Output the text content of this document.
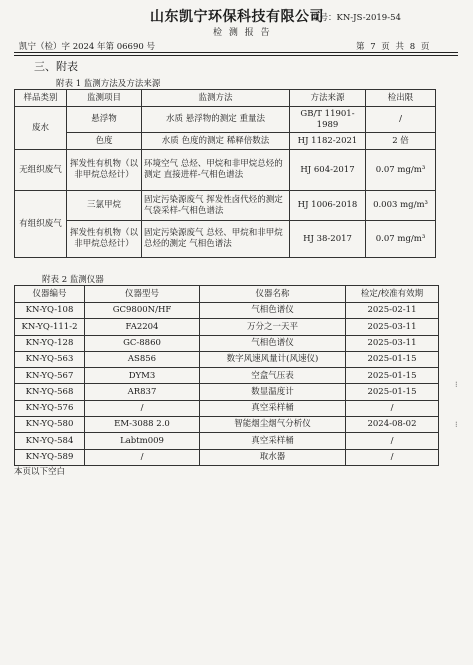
山东凯宁环保科技有限公司
编号：KN-JS-2019-54
检 测 报 告
凯宁（检）字 2024 年第 06690 号	第 7 页 共 8 页
三、附表
附表 1 监测方法及方法来源
样品类别	监测项目	监测方法	方法来源	检出限
废水	悬浮物	水质 悬浮物的测定 重量法	GB/T 11901-1989	/
	色度	水质 色度的测定 稀释倍数法	HJ 1182-2021	2 倍
无组织废气	挥发性有机物（以非甲烷总烃计）	环境空气 总烃、甲烷和非甲烷总烃的测定 直接进样-气相色谱法	HJ 604-2017	0.07 mg/m³
有组织废气	三氯甲烷	固定污染源废气 挥发性卤代烃的测定 气袋采样-气相色谱法	HJ 1006-2018	0.003 mg/m³
	挥发性有机物（以非甲烷总烃计）	固定污染源废气 总烃、甲烷和非甲烷总烃的测定 气相色谱法	HJ 38-2017	0.07 mg/m³
附表 2 监测仪器
仪器编号	仪器型号	仪器名称	检定/校准有效期
KN-YQ-108	GC9800N/HF	气相色谱仪	2025-02-11
KN-YQ-111-2	FA2204	万分之一天平	2025-03-11
KN-YQ-128	GC-8860	气相色谱仪	2025-03-11
KN-YQ-563	AS856	数字风速风量计(风速仪)	2025-01-15
KN-YQ-567	DYM3	空盒气压表	2025-01-15
KN-YQ-568	AR837	数显温度计	2025-01-15
KN-YQ-576	/	真空采样桶	/
KN-YQ-580	EM-3088 2.0	智能烟尘烟气分析仪	2024-08-02
KN-YQ-584	Labtm009	真空采样桶	/
KN-YQ-589	/	取水器	/
本页以下空白
⁝
⁝
